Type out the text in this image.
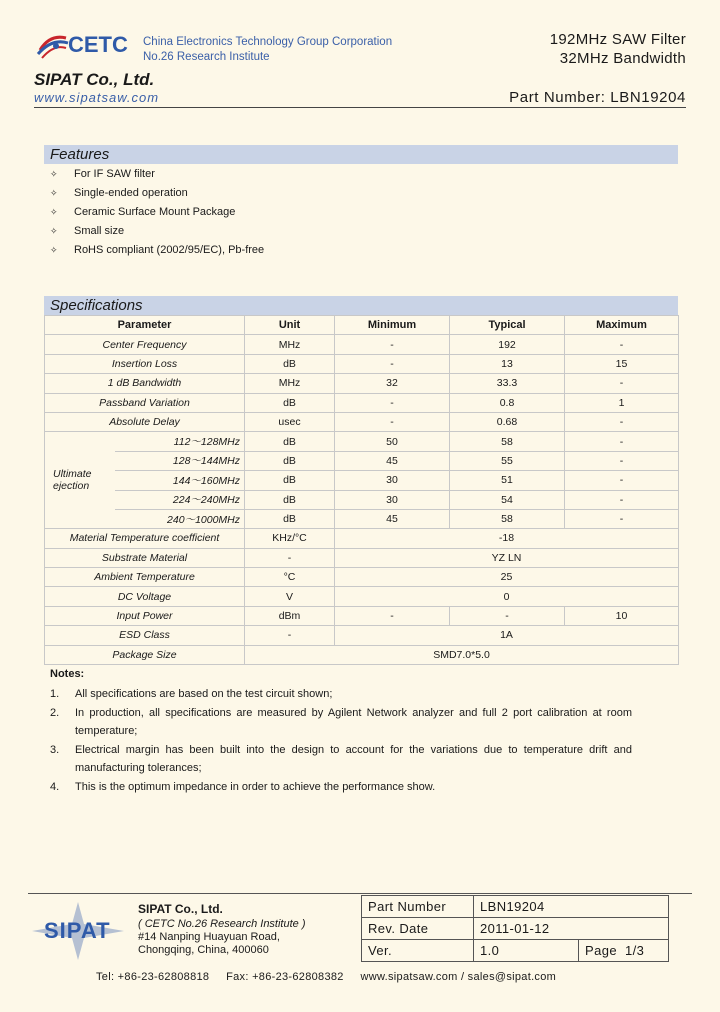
CETC China Electronics Technology Group Corporation
No.26 Research Institute
192MHz SAW Filter
32MHz Bandwidth
SIPAT Co., Ltd.
www.sipatsaw.com	Part Number: LBN19204
Features
✧ For IF SAW filter
✧ Single-ended operation
✧ Ceramic Surface Mount Package
✧ Small size
✧ RoHS compliant (2002/95/EC), Pb-free
Specifications
Parameter		Unit	Minimum	Typical	Maximum
Center Frequency		MHz	-	192	-
Insertion Loss		dB	-	13	15
1 dB Bandwidth		MHz	32	33.3	-
Passband Variation		dB	-	0.8	1
Absolute Delay		usec	-	0.68	-
Ultimate ejection	112～128MHz	dB	50	58	-
	128～144MHz	dB	45	55	-
	144～160MHz	dB	30	51	-
	224～240MHz	dB	30	54	-
	240～1000MHz	dB	45	58	-
Material Temperature coefficient		KHz/°C	-18		
Substrate Material		-	YZ LN		
Ambient Temperature		°C	25		
DC Voltage		V	0		
Input Power		dBm	-	-	10
ESD Class		-	1A		
Package Size		SMD7.0*5.0			
Notes:
1.	All specifications are based on the test circuit shown;
2.	In production, all specifications are measured by Agilent Network analyzer and full 2 port calibration at room temperature;
3.	Electrical margin has been built into the design to account for the variations due to temperature drift and manufacturing tolerances;
4.	This is the optimum impedance in order to achieve the performance show.
SIPAT
SIPAT Co., Ltd.
( CETC No.26 Research Institute )
#14 Nanping Huayuan Road,
Chongqing, China, 400060
Part Number	LBN19204	
Rev. Date	2011-01-12	
Ver.	1.0	Page 1/3
Tel: +86-23-62808818     Fax: +86-23-62808382     www.sipatsaw.com / sales@sipat.com
